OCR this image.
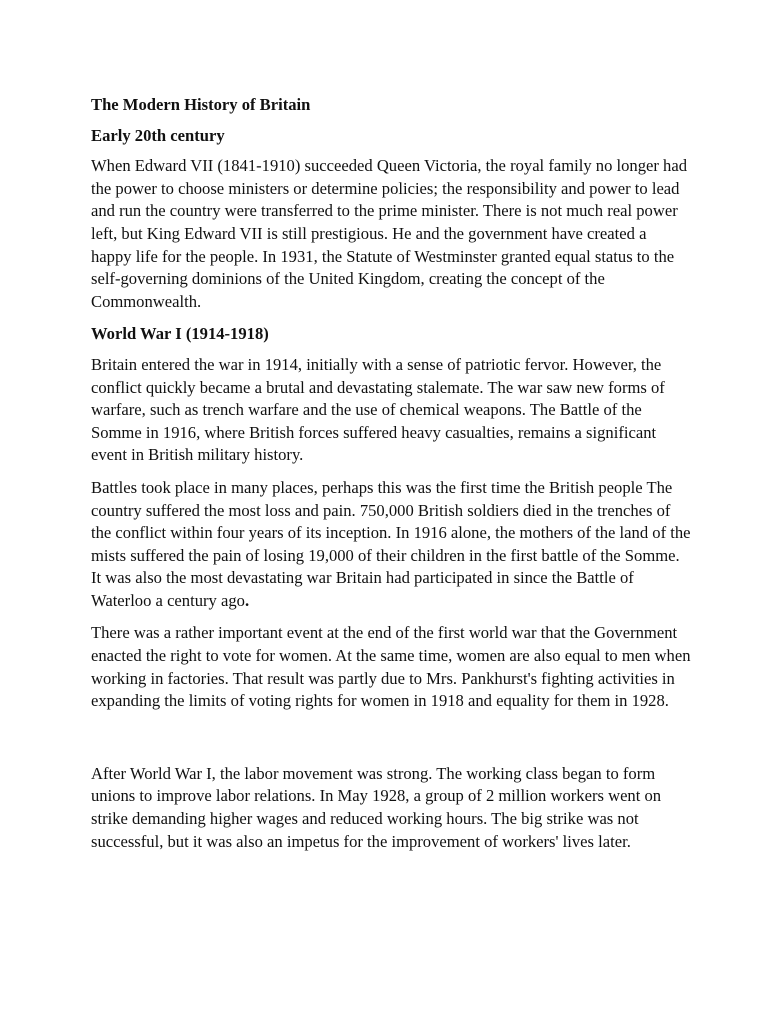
The Modern History of Britain
Early 20th century

When Edward VII (1841-1910) succeeded Queen Victoria, the royal family no longer had the power to choose ministers or determine policies; the responsibility and power to lead and run the country were transferred to the prime minister. There is not much real power left, but King Edward VII is still prestigious. He and the government have created a happy life for the people. In 1931, the Statute of Westminster granted equal status to the self-governing dominions of the United Kingdom, creating the concept of the Commonwealth.

World War I (1914-1918)

Britain entered the war in 1914, initially with a sense of patriotic fervor. However, the conflict quickly became a brutal and devastating stalemate. The war saw new forms of warfare, such as trench warfare and the use of chemical weapons. The Battle of the Somme in 1916, where British forces suffered heavy casualties, remains a significant event in British military history.

Battles took place in many places, perhaps this was the first time the British people The country suffered the most loss and pain. 750,000 British soldiers died in the trenches of the conflict within four years of its inception. In 1916 alone, the mothers of the land of the mists suffered the pain of losing 19,000 of their children in the first battle of the Somme. It was also the most devastating war Britain had participated in since the Battle of Waterloo a century ago.

There was a rather important event at the end of the first world war that the Government enacted the right to vote for women. At the same time, women are also equal to men when working in factories. That result was partly due to Mrs. Pankhurst's fighting activities in expanding the limits of voting rights for women in 1918 and equality for them in 1928.

After World War I, the labor movement was strong. The working class began to form unions to improve labor relations. In May 1928, a group of 2 million workers went on strike demanding higher wages and reduced working hours. The big strike was not successful, but it was also an impetus for the improvement of workers' lives later.
